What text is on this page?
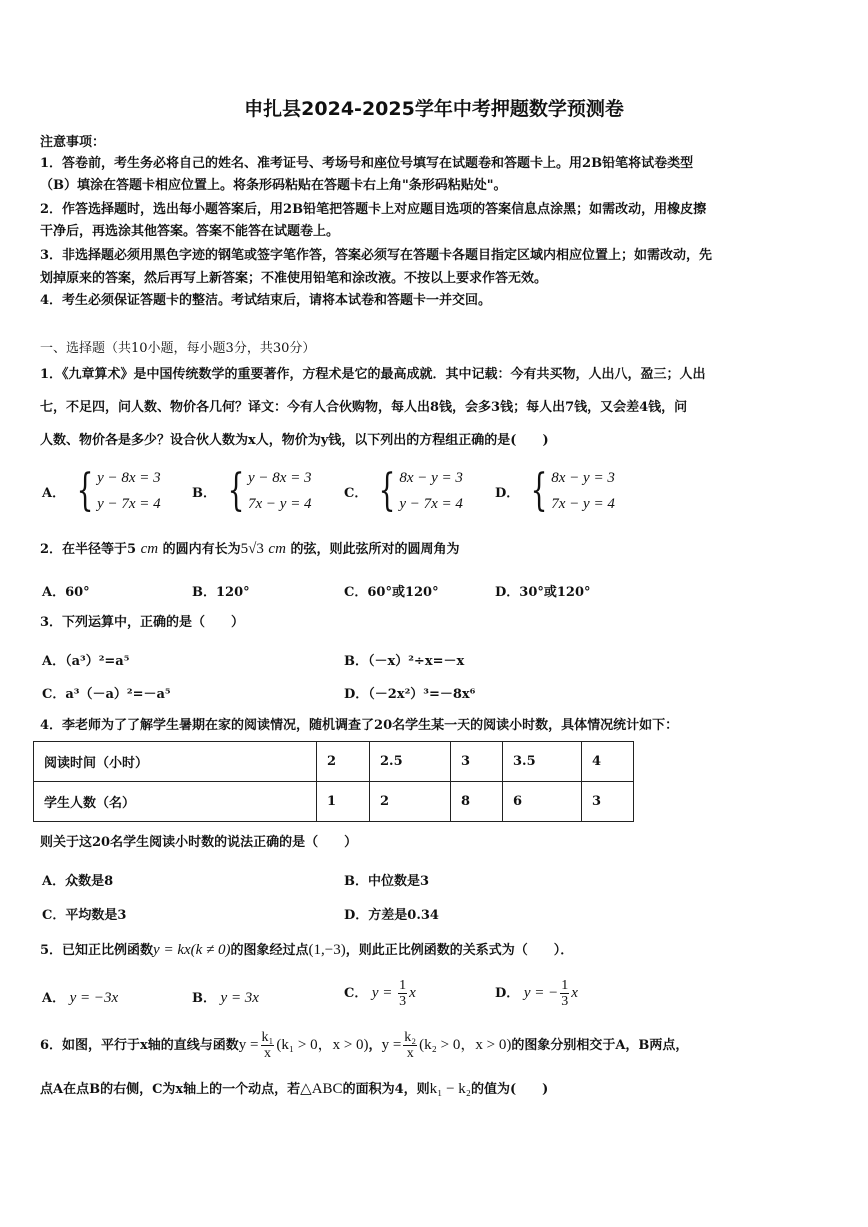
申扎县2024-2025学年中考押题数学预测卷
注意事项：
1．答卷前，考生务必将自己的姓名、准考证号、考场号和座位号填写在试题卷和答题卡上。用2B铅笔将试卷类型
（B）填涂在答题卡相应位置上。将条形码粘贴在答题卡右上角"条形码粘贴处"。
2．作答选择题时，选出每小题答案后，用2B铅笔把答题卡上对应题目选项的答案信息点涂黑；如需改动，用橡皮擦
干净后，再选涂其他答案。答案不能答在试题卷上。
3．非选择题必须用黑色字迹的钢笔或签字笔作答，答案必须写在答题卡各题目指定区域内相应位置上；如需改动，先
划掉原来的答案，然后再写上新答案；不准使用铅笔和涂改液。不按以上要求作答无效。
4．考生必须保证答题卡的整洁。考试结束后，请将本试卷和答题卡一并交回。
一、选择题（共10小题，每小题3分，共30分）
1．《九章算术》是中国传统数学的重要著作，方程术是它的最高成就．其中记载：今有共买物，人出八，盈三；人出
七，不足四，问人数、物价各几何？译文：今有人合伙购物，每人出8钱，会多3钱；每人出7钱，又会差4钱，问
人数、物价各是多少？设合伙人数为x人，物价为y钱，以下列出的方程组正确的是(　　)
A． { y − 8x = 3
y − 7x = 4
B． { y − 8x = 3
7x − y = 4
C． { 8x − y = 3
y − 7x = 4
D． { 8x − y = 3
7x − y = 4
2．在半径等于5 cm 的圆内有长为5√3 cm 的弦，则此弦所对的圆周角为
A．60°	B．120°	C．60°或120°	D．30°或120°
3．下列运算中，正确的是（　　）
A．（a³）²=a⁵	B．（－x）²÷x=－x
C．a³（－a）²=－a⁵	D．（－2x²）³=－8x⁶
4．李老师为了了解学生暑期在家的阅读情况，随机调查了20名学生某一天的阅读小时数，具体情况统计如下：
阅读时间（小时）	2	2.5	3	3.5	4
学生人数（名）	1	2	8	6	3
则关于这20名学生阅读小时数的说法正确的是（　　）
A．众数是8	B．中位数是3
C．平均数是3	D．方差是0.34
5．已知正比例函数y = kx(k ≠ 0)的图象经过点(1,−3)，则此正比例函数的关系式为（　　）．
A． y = −3x	B． y = 3x	C． $y = \frac{1}{3}$ x	D． y = − $\frac{1}{3}$ x
6．如图，平行于x轴的直线与函数$y = \frac{\text{k₁}}{x} (k_1 > 0$，x > 0)，$y = \frac{\text{k₂}}{x} (k_2 > 0$，x > 0)的图象分别相交于A，B两点，
点A在点B的右侧，C为x轴上的一个动点，若△ABC的面积为4，则k₁ − k₂的值为(　　)
